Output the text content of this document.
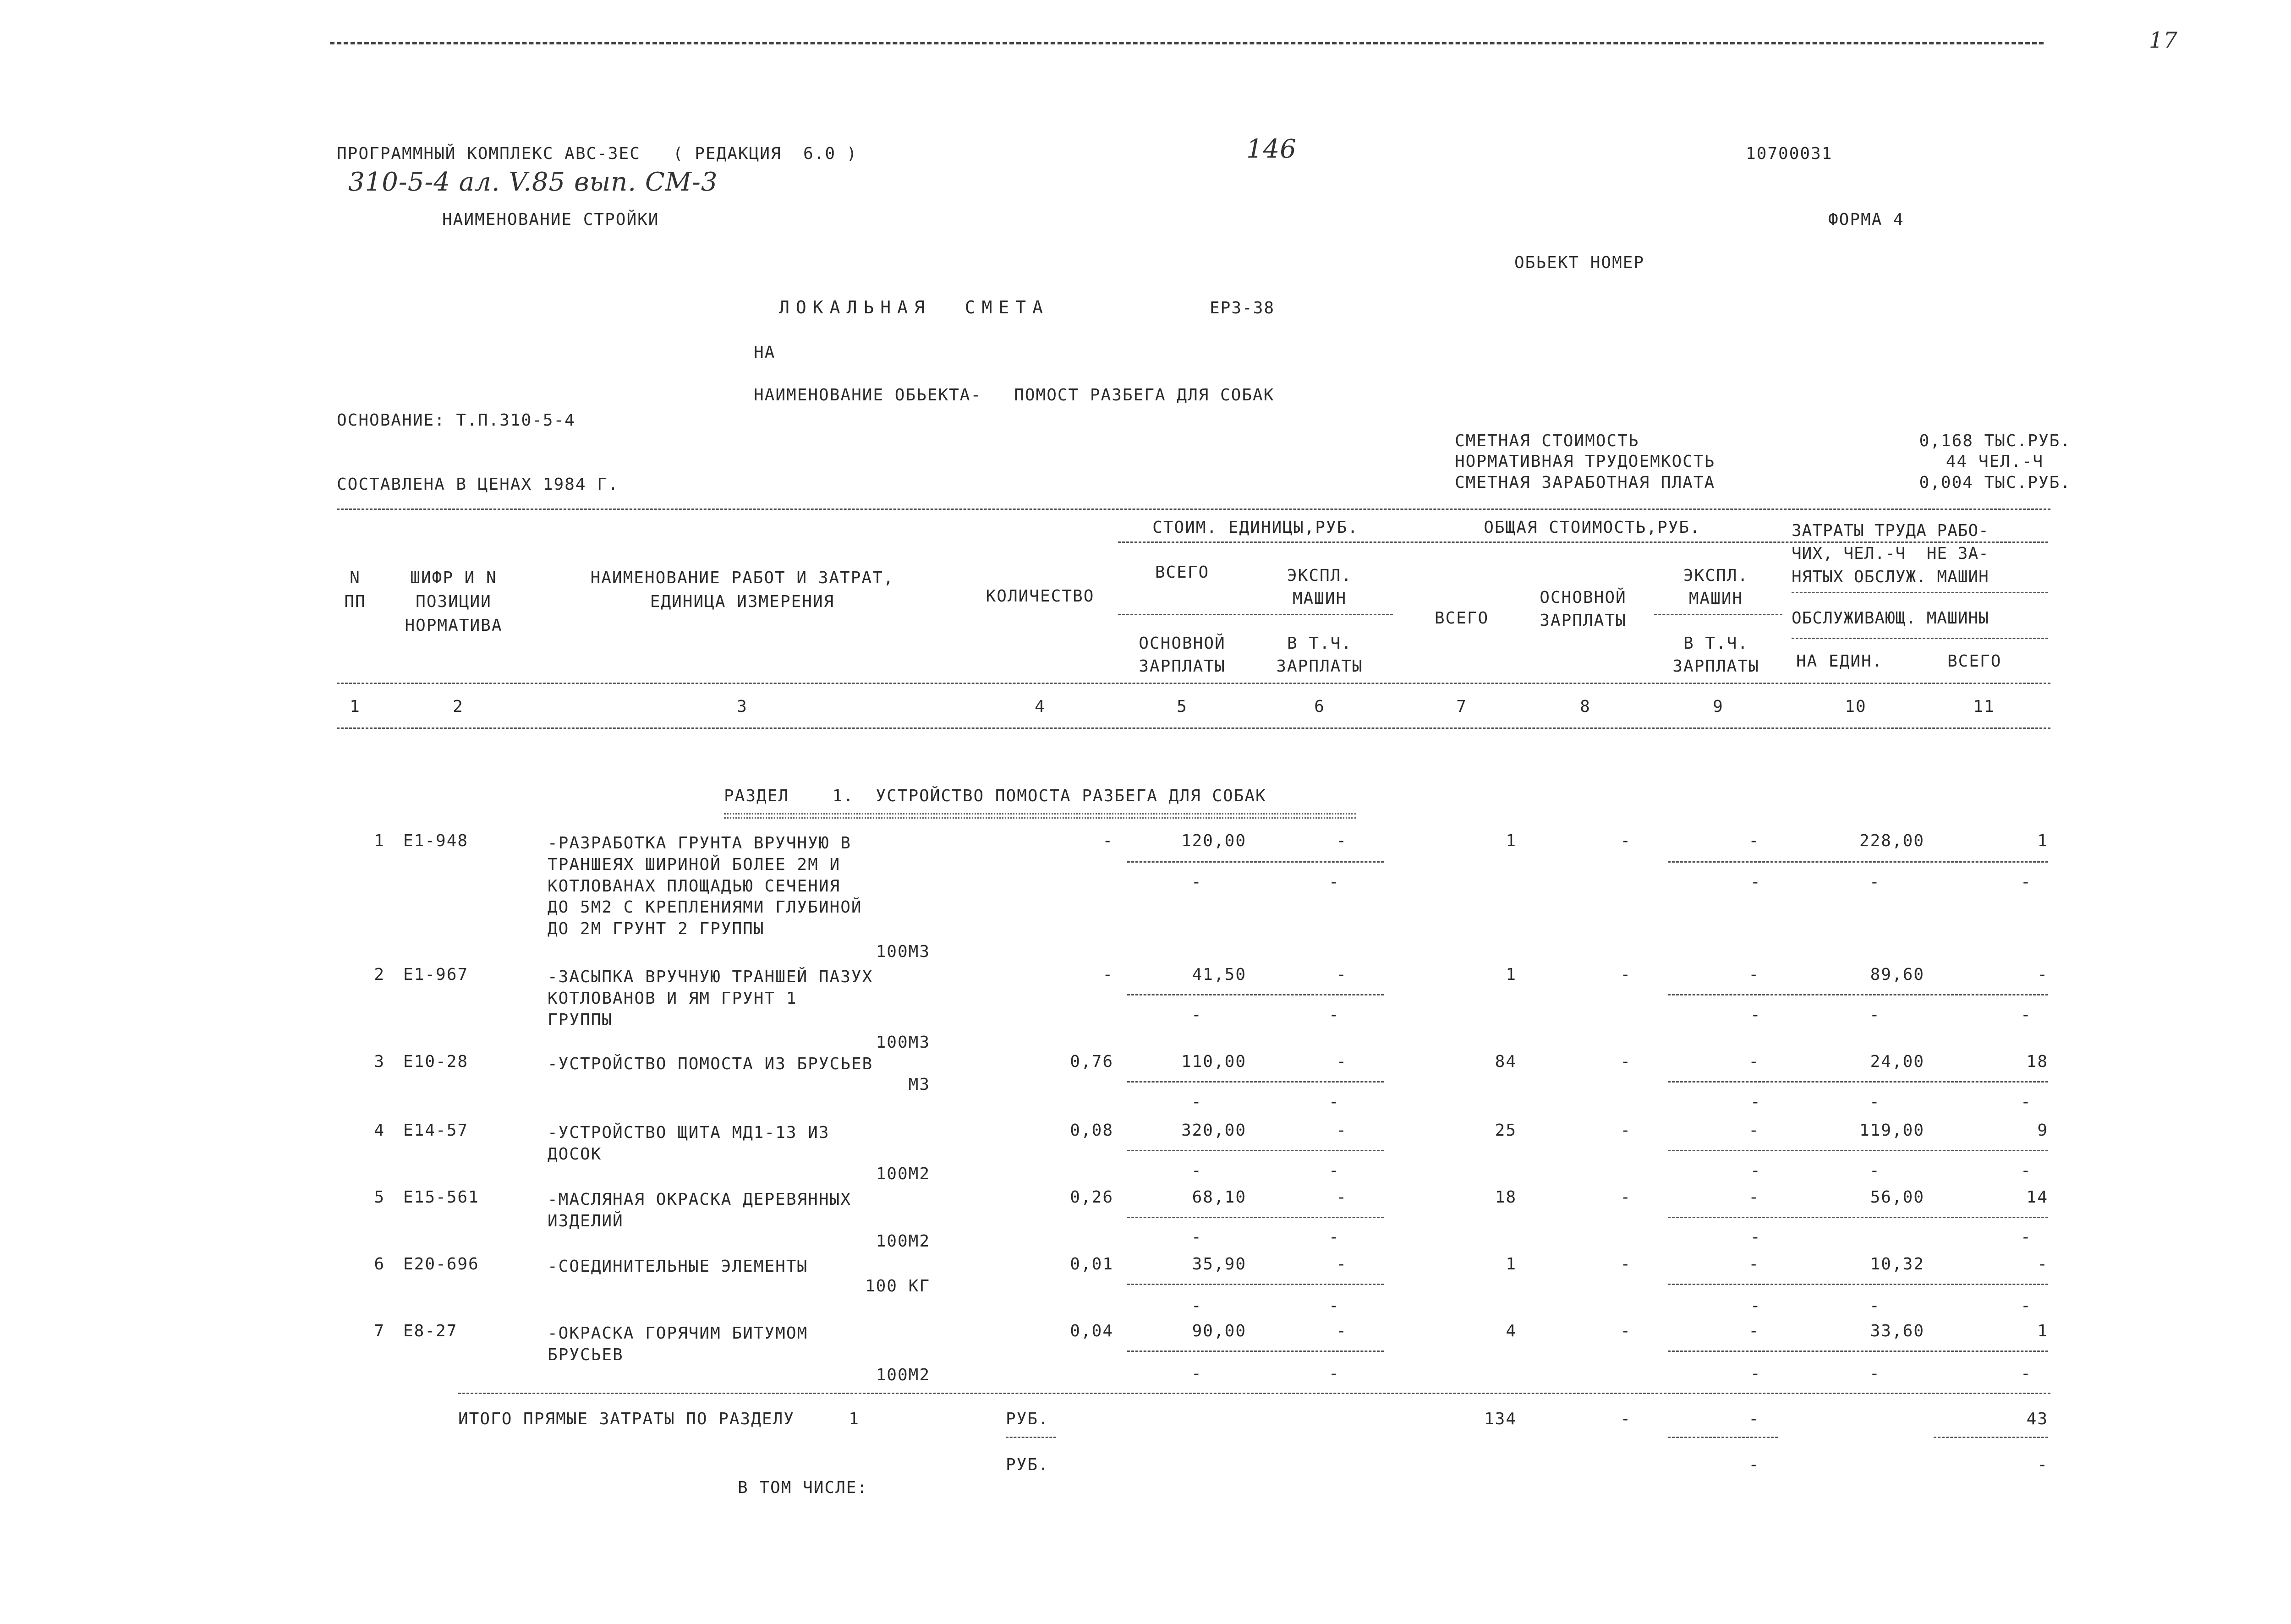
17
ПРОГРАММНЫЙ КОМПЛЕКС АВС-ЗЕС   ( РЕДАКЦИЯ  6.0 )	146	10700031
310-5-4 ал. V.85 вып. СМ-3
НАИМЕНОВАНИЕ СТРОЙКИ	ФОРМА 4
ОБЬЕКТ НОМЕР
ЛОКАЛЬНАЯ  СМЕТА	ЕРЗ-38
НА
НАИМЕНОВАНИЕ ОБЬЕКТА-   ПОМОСТ РАЗБЕГА ДЛЯ СОБАК
ОСНОВАНИЕ: Т.П.310-5-4
СОСТАВЛЕНА В ЦЕНАХ 1984 Г.
СМЕТНАЯ СТОИМОСТЬ	0,168 ТЫС.РУБ.
НОРМАТИВНАЯ ТРУДОЕМКОСТЬ	44 ЧЕЛ.-Ч
СМЕТНАЯ ЗАРАБОТНАЯ ПЛАТА	0,004 ТЫС.РУБ.
N
ПП
ШИФР И N
ПОЗИЦИИ
НОРМАТИВА
НАИМЕНОВАНИЕ РАБОТ И ЗАТРАТ,
ЕДИНИЦА ИЗМЕРЕНИЯ	КОЛИЧЕСТВО
СТОИМ. ЕДИНИЦЫ,РУБ.	ОБЩАЯ СТОИМОСТЬ,РУБ.	ЗАТРАТЫ ТРУДА РАБО-
ЧИХ, ЧЕЛ.-Ч  НЕ ЗА-
НЯТЫХ ОБСЛУЖ. МАШИН
ВСЕГО	ЭКСПЛ.
МАШИН
ОСНОВНОЙ
ЗАРПЛАТЫ
В Т.Ч.
ЗАРПЛАТЫ
ВСЕГО
ОСНОВНОЙ
ЗАРПЛАТЫ
ЭКСПЛ.
МАШИН
В Т.Ч.
ЗАРПЛАТЫ
ОБСЛУЖИВАЮЩ. МАШИНЫ
НА ЕДИН.	ВСЕГО
1	2	3	4	5	6	7	8	9	10	11
РАЗДЕЛ    1.  УСТРОЙСТВО ПОМОСТА РАЗБЕГА ДЛЯ СОБАК
1 Е1-948	-РАЗРАБОТКА ГРУНТА ВРУЧНУЮ В
ТРАНШЕЯХ ШИРИНОЙ БОЛЕЕ 2М И
КОТЛОВАНАХ ПЛОЩАДЬЮ СЕЧЕНИЯ
ДО 5М2 С КРЕПЛЕНИЯМИ ГЛУБИНОЙ
ДО 2М ГРУНТ 2 ГРУППЫ
100М3
-	120,00	-	1	-	-	228,00	1
-	-	-	-	-
2 Е1-967	-ЗАСЫПКА ВРУЧНУЮ ТРАНШЕЙ ПАЗУХ
КОТЛОВАНОВ И ЯМ ГРУНТ 1
ГРУППЫ
100М3
-	41,50	-	1	-	-	89,60	-
-	-	-	-	-
3 Е10-28	-УСТРОЙСТВО ПОМОСТА ИЗ БРУСЬЕВ
М3
0,76	110,00	-	84	-	-	24,00	18
-	-	-	-	-
4 Е14-57	-УСТРОЙСТВО ЩИТА МД1-13 ИЗ
ДОСОК
100М2
0,08	320,00	-	25	-	-	119,00	9
-	-	-	-	-
5 Е15-561	-МАСЛЯНАЯ ОКРАСКА ДЕРЕВЯННЫХ
ИЗДЕЛИЙ
100М2
0,26	68,10	-	18	-	-	56,00	14
-	-	-	-
6 Е20-696	-СОЕДИНИТЕЛЬНЫЕ ЭЛЕМЕНТЫ
100 КГ
0,01	35,90	-	1	-	-	10,32	-
-	-	-	-	-
7 Е8-27	-ОКРАСКА ГОРЯЧИМ БИТУМОМ
БРУСЬЕВ
100М2
0,04	90,00	-	4	-	-	33,60	1
-	-	-	-	-
ИТОГО ПРЯМЫЕ ЗАТРАТЫ ПО РАЗДЕЛУ     1	РУБ.	134	-	-	43
РУБ.	-	-
В ТОМ ЧИСЛЕ:
